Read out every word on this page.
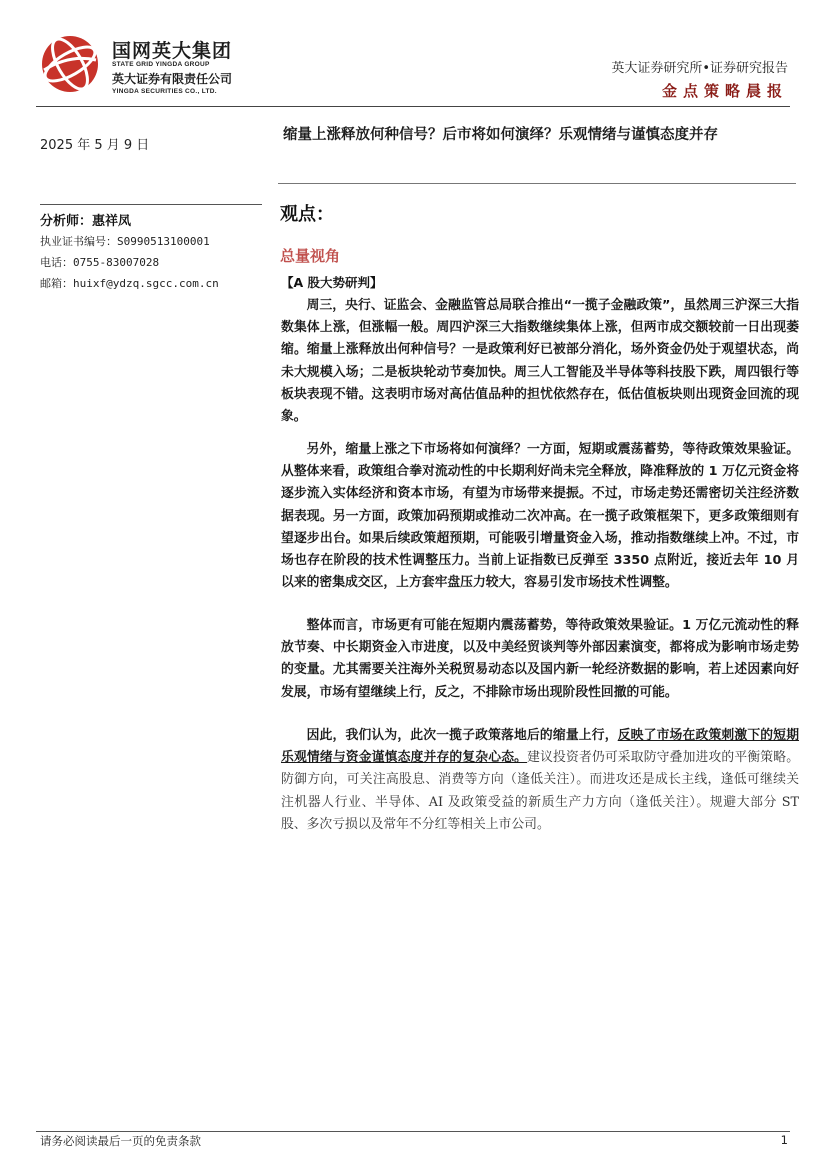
国网英大集团
STATE GRID YINGDA GROUP
英大证券有限责任公司
YINGDA SECURITIES CO., LTD.
英大证券研究所•证券研究报告
金点策略晨报
2025 年 5 月 9 日
缩量上涨释放何种信号？后市将如何演绎？乐观情绪与谨慎态度并存
分析师：惠祥凤
执业证书编号：S0990513100001
电话：0755-83007028
邮箱：huixf@ydzq.sgcc.com.cn
观点：
总量视角
【A 股大势研判】

周三，央行、证监会、金融监管总局联合推出“一揽子金融政策”，虽然周三沪深三大指数集体上涨，但涨幅一般。周四沪深三大指数继续集体上涨，但两市成交额较前一日出现萎缩。缩量上涨释放出何种信号？一是政策利好已被部分消化，场外资金仍处于观望状态，尚未大规模入场；二是板块轮动节奏加快。周三人工智能及半导体等科技股下跌，周四银行等板块表现不错。这表明市场对高估值品种的担忧依然存在，低估值板块则出现资金回流的现象。

另外，缩量上涨之下市场将如何演绎？一方面，短期或震荡蓄势，等待政策效果验证。从整体来看，政策组合拳对流动性的中长期利好尚未完全释放，降准释放的 1 万亿元资金将逐步流入实体经济和资本市场，有望为市场带来提振。不过，市场走势还需密切关注经济数据表现。另一方面，政策加码预期或推动二次冲高。在一揽子政策框架下，更多政策细则有望逐步出台。如果后续政策超预期，可能吸引增量资金入场，推动指数继续上冲。不过，市场也存在阶段的技术性调整压力。当前上证指数已反弹至 3350 点附近，接近去年 10 月以来的密集成交区，上方套牢盘压力较大，容易引发市场技术性调整。

整体而言，市场更有可能在短期内震荡蓄势，等待政策效果验证。1 万亿元流动性的释放节奏、中长期资金入市进度，以及中美经贸谈判等外部因素演变，都将成为影响市场走势的变量。尤其需要关注海外关税贸易动态以及国内新一轮经济数据的影响，若上述因素向好发展，市场有望继续上行，反之，不排除市场出现阶段性回撤的可能。

因此，我们认为，此次一揽子政策落地后的缩量上行，反映了市场在政策刺激下的短期乐观情绪与资金谨慎态度并存的复杂心态。建议投资者仍可采取防守叠加进攻的平衡策略。防御方向，可关注高股息、消费等方向（逢低关注）。而进攻还是成长主线，逢低可继续关注机器人行业、半导体、AI 及政策受益的新质生产力方向（逢低关注）。规避大部分 ST 股、多次亏损以及常年不分红等相关上市公司。

请务必阅读最后一页的免责条款	1
